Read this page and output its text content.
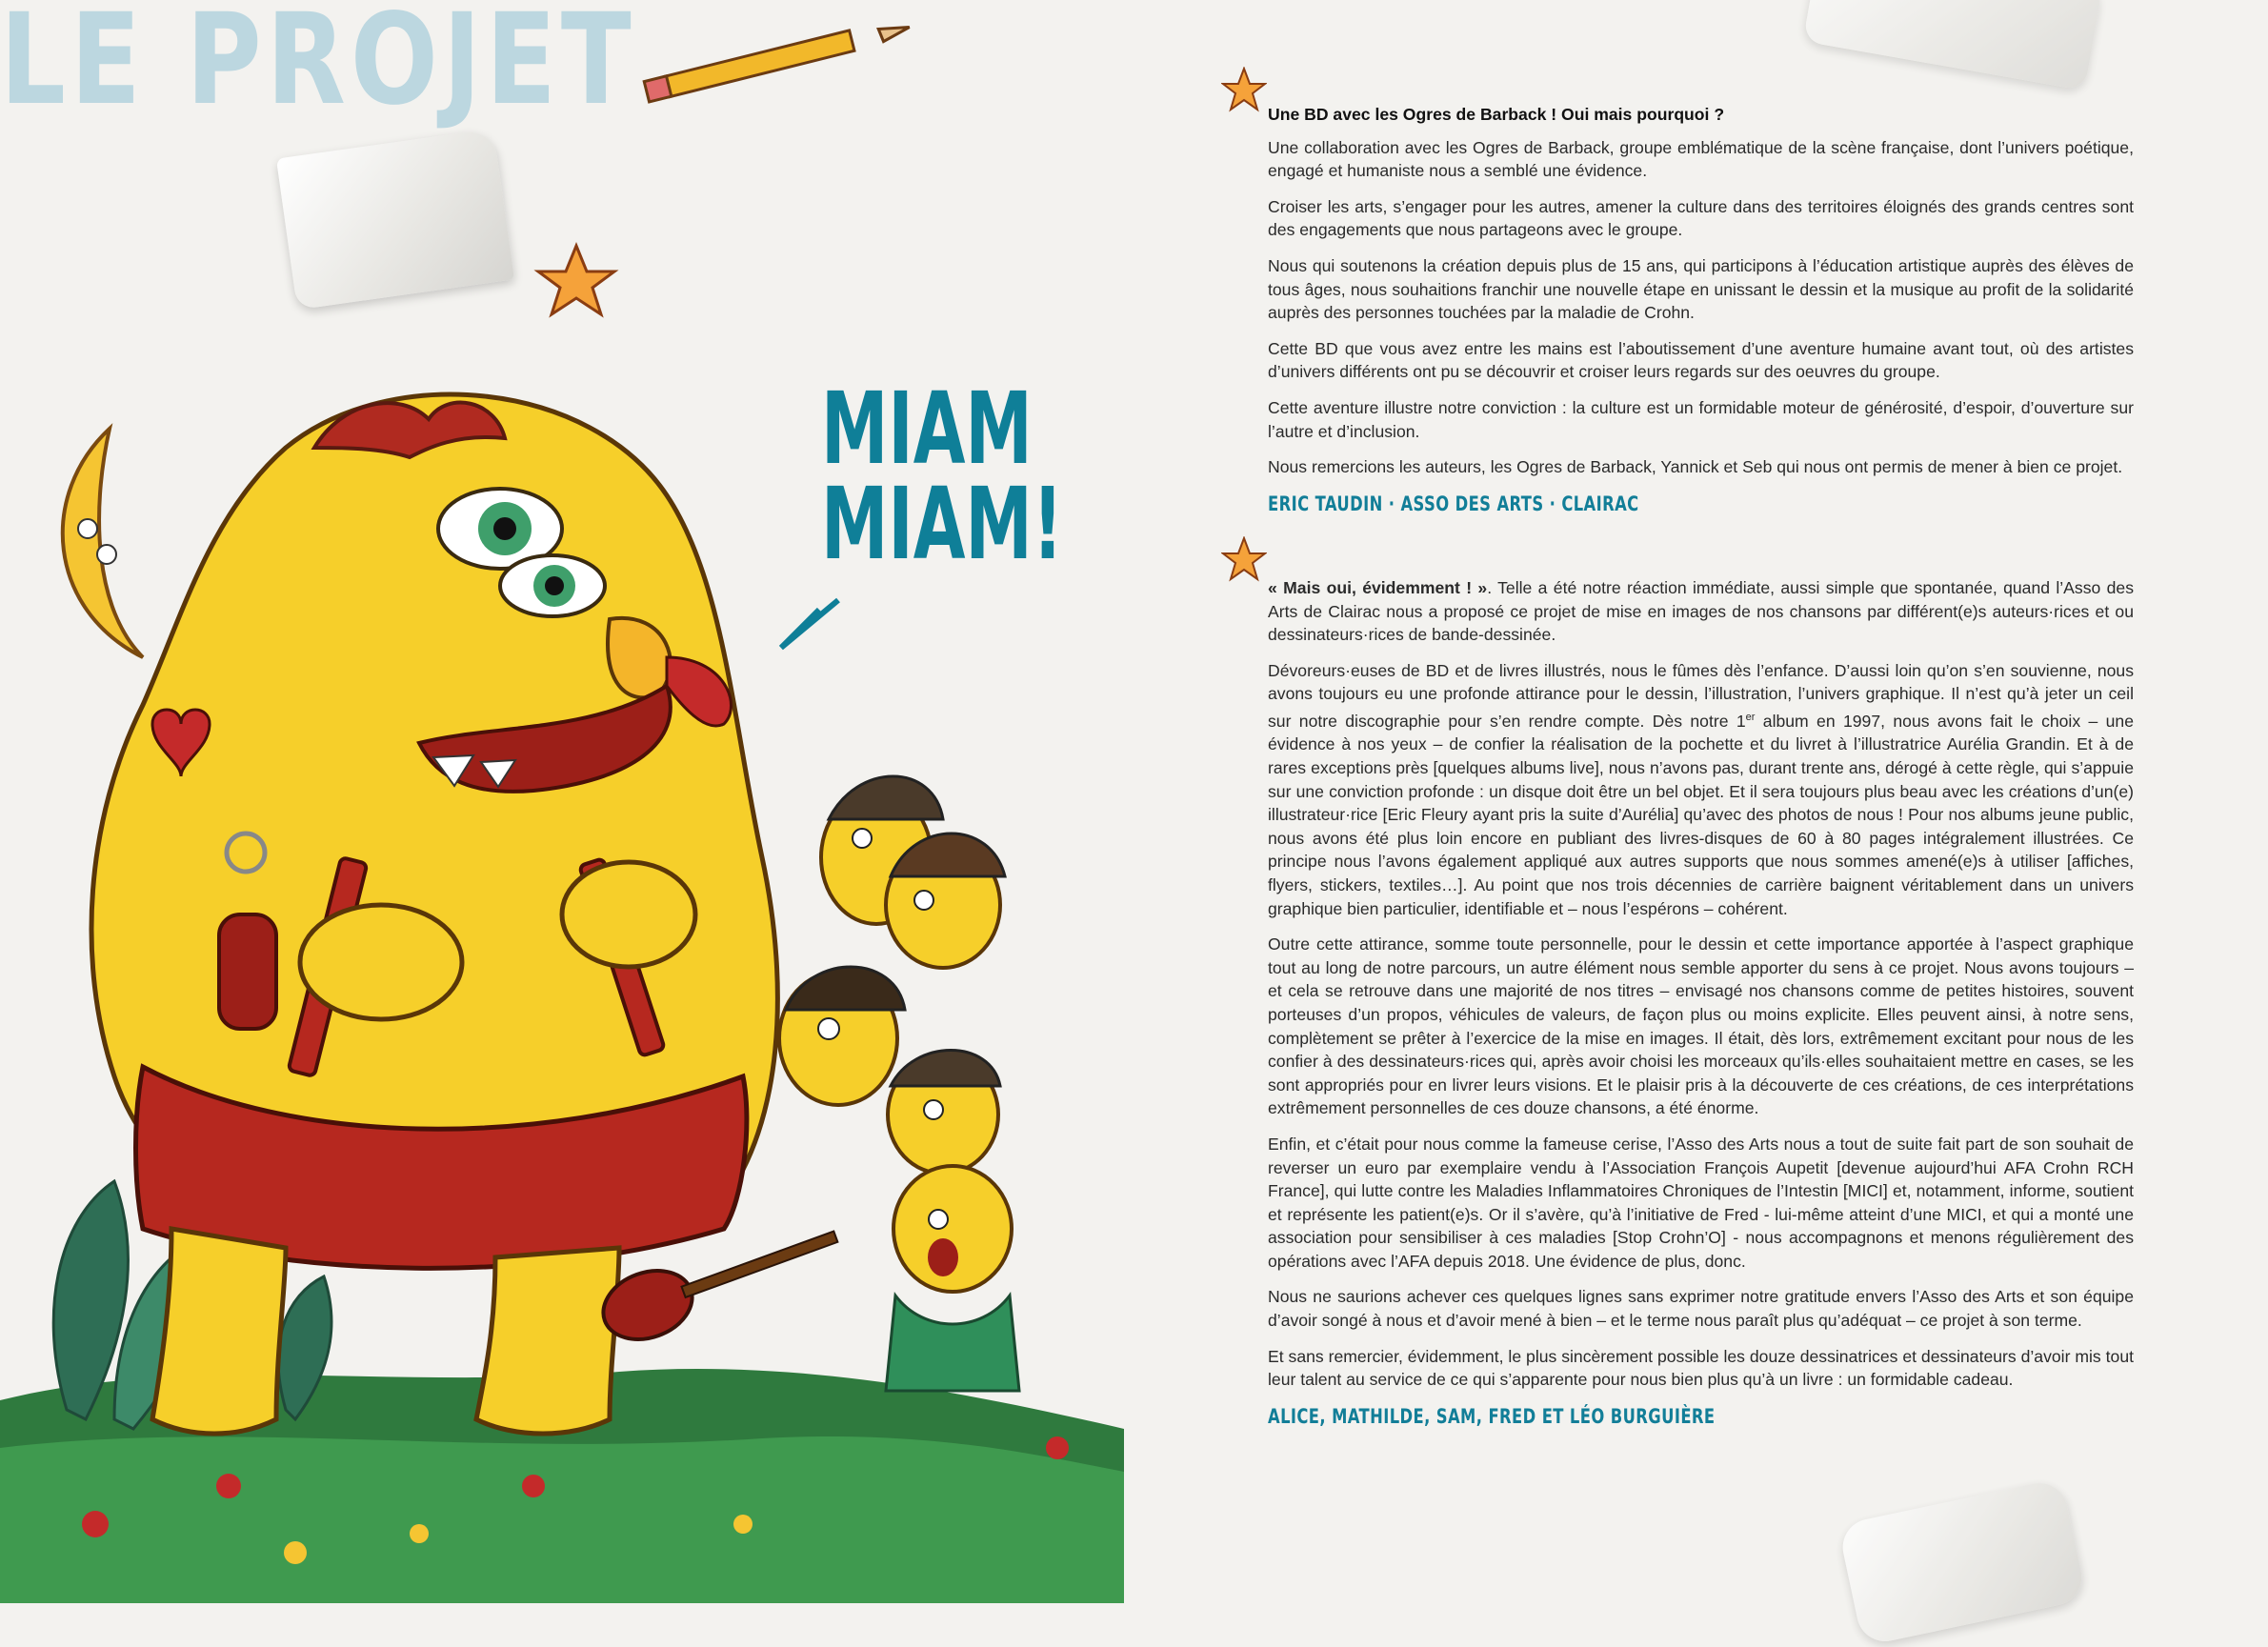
LE PROJET
MIAM
MIAM!

Une BD avec les Ogres de Barback ! Oui mais pourquoi ?

Une collaboration avec les Ogres de Barback, groupe emblématique de la scène française, dont l’univers poétique, engagé et humaniste nous a semblé une évidence.

Croiser les arts, s’engager pour les autres, amener la culture dans des territoires éloignés des grands centres sont des engagements que nous partageons avec le groupe.

Nous qui soutenons la création depuis plus de 15 ans, qui participons à l’éducation artistique auprès des élèves de tous âges, nous souhaitions franchir une nouvelle étape en unissant le dessin et la musique au profit de la solidarité auprès des personnes touchées par la maladie de Crohn.

Cette BD que vous avez entre les mains est l’aboutissement d’une aventure humaine avant tout, où des artistes d’univers différents ont pu se découvrir et croiser leurs regards sur des oeuvres du groupe.

Cette aventure illustre notre conviction : la culture est un formidable moteur de générosité, d’espoir, d’ouverture sur l’autre et d’inclusion.

Nous remercions les auteurs, les Ogres de Barback, Yannick et Seb qui nous ont permis de mener à bien ce projet.

ERIC TAUDIN · ASSO DES ARTS · CLAIRAC

« Mais oui, évidemment ! ». Telle a été notre réaction immédiate, aussi simple que spontanée, quand l’Asso des Arts de Clairac nous a proposé ce projet de mise en images de nos chansons par différent(e)s auteurs·rices et ou dessinateurs·rices de bande-dessinée.

Dévoreurs·euses de BD et de livres illustrés, nous le fûmes dès l’enfance. D’aussi loin qu’on s’en souvienne, nous avons toujours eu une profonde attirance pour le dessin, l’illustration, l’univers graphique. Il n’est qu’à jeter un ceil sur notre discographie pour s’en rendre compte. Dès notre 1er album en 1997, nous avons fait le choix – une évidence à nos yeux – de confier la réalisation de la pochette et du livret à l’illustratrice Aurélia Grandin. Et à de rares exceptions près [quelques albums live], nous n’avons pas, durant trente ans, dérogé à cette règle, qui s’appuie sur une conviction profonde : un disque doit être un bel objet. Et il sera toujours plus beau avec les créations d’un(e) illustrateur·rice [Eric Fleury ayant pris la suite d’Aurélia] qu’avec des photos de nous ! Pour nos albums jeune public, nous avons été plus loin encore en publiant des livres-disques de 60 à 80 pages intégralement illustrées. Ce principe nous l’avons également appliqué aux autres supports que nous sommes amené(e)s à utiliser [affiches, flyers, stickers, textiles…]. Au point que nos trois décennies de carrière baignent véritablement dans un univers graphique bien particulier, identifiable et – nous l’espérons – cohérent.

Outre cette attirance, somme toute personnelle, pour le dessin et cette importance apportée à l’aspect graphique tout au long de notre parcours, un autre élément nous semble apporter du sens à ce projet. Nous avons toujours – et cela se retrouve dans une majorité de nos titres – envisagé nos chansons comme de petites histoires, souvent porteuses d’un propos, véhicules de valeurs, de façon plus ou moins explicite. Elles peuvent ainsi, à notre sens, complètement se prêter à l’exercice de la mise en images. Il était, dès lors, extrêmement excitant pour nous de les confier à des dessinateurs·rices qui, après avoir choisi les morceaux qu’ils·elles souhaitaient mettre en cases, se les sont appropriés pour en livrer leurs visions. Et le plaisir pris à la découverte de ces créations, de ces interprétations extrêmement personnelles de ces douze chansons, a été énorme.

Enfin, et c’était pour nous comme la fameuse cerise, l’Asso des Arts nous a tout de suite fait part de son souhait de reverser un euro par exemplaire vendu à l’Association François Aupetit [devenue aujourd’hui AFA Crohn RCH France], qui lutte contre les Maladies Inflammatoires Chroniques de l’Intestin [MICI] et, notamment, informe, soutient et représente les patient(e)s. Or il s’avère, qu’à l’initiative de Fred - lui-même atteint d’une MICI, et qui a monté une association pour sensibiliser à ces maladies [Stop Crohn’O] - nous accompagnons et menons régulièrement des opérations avec l’AFA depuis 2018. Une évidence de plus, donc.

Nous ne saurions achever ces quelques lignes sans exprimer notre gratitude envers l’Asso des Arts et son équipe d’avoir songé à nous et d’avoir mené à bien – et le terme nous paraît plus qu’adéquat – ce projet à son terme.

Et sans remercier, évidemment, le plus sincèrement possible les douze dessinatrices et dessinateurs d’avoir mis tout leur talent au service de ce qui s’apparente pour nous bien plus qu’à un livre : un formidable cadeau.

ALICE, MATHILDE, SAM, FRED ET LÉO BURGUIÈRE
